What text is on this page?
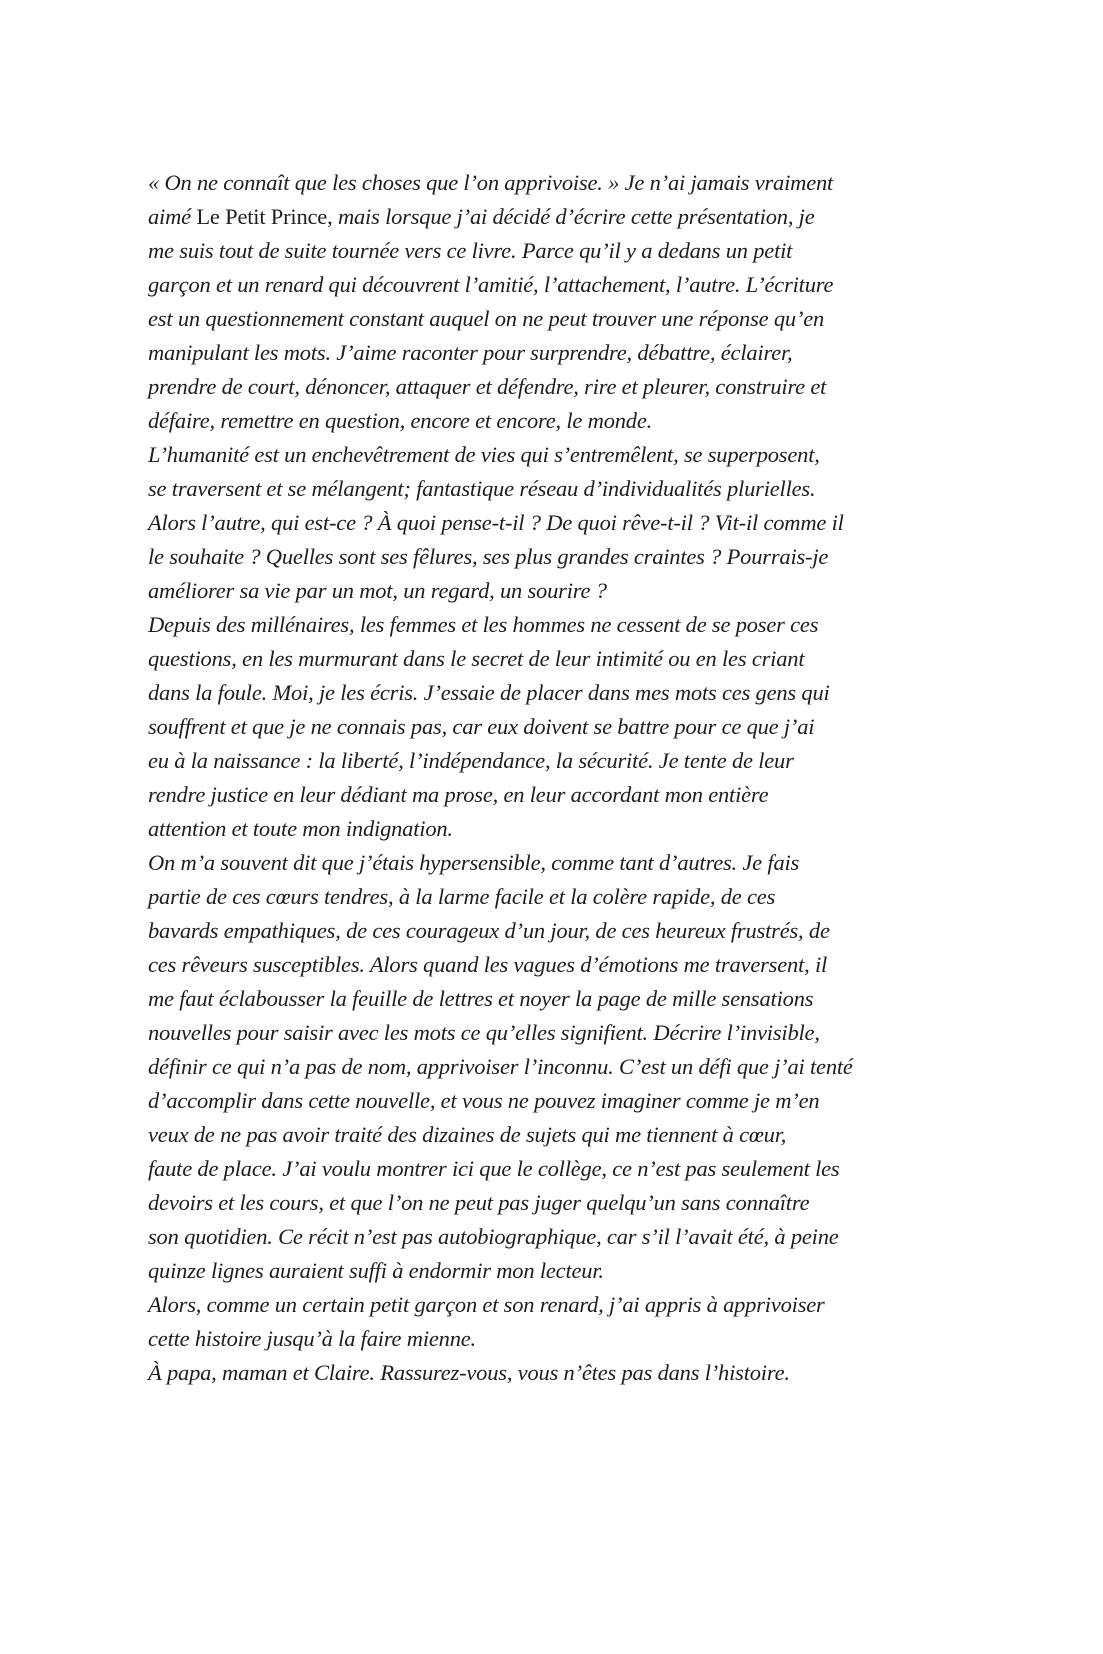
« On ne connaît que les choses que l’on apprivoise. » Je n’ai jamais vraiment
aimé Le Petit Prince, mais lorsque j’ai décidé d’écrire cette présentation, je
me suis tout de suite tournée vers ce livre. Parce qu’il y a dedans un petit
garçon et un renard qui découvrent l’amitié, l’attachement, l’autre. L’écriture
est un questionnement constant auquel on ne peut trouver une réponse qu’en
manipulant les mots. J’aime raconter pour surprendre, débattre, éclairer,
prendre de court, dénoncer, attaquer et défendre, rire et pleurer, construire et
défaire, remettre en question, encore et encore, le monde.
L’humanité est un enchevêtrement de vies qui s’entremêlent, se superposent,
se traversent et se mélangent; fantastique réseau d’individualités plurielles.
Alors l’autre, qui est-ce ? À quoi pense-t-il ? De quoi rêve-t-il ? Vit-il comme il
le souhaite ? Quelles sont ses fêlures, ses plus grandes craintes ? Pourrais-je
améliorer sa vie par un mot, un regard, un sourire ?
Depuis des millénaires, les femmes et les hommes ne cessent de se poser ces
questions, en les murmurant dans le secret de leur intimité ou en les criant
dans la foule. Moi, je les écris. J’essaie de placer dans mes mots ces gens qui
souffrent et que je ne connais pas, car eux doivent se battre pour ce que j’ai
eu à la naissance : la liberté, l’indépendance, la sécurité. Je tente de leur
rendre justice en leur dédiant ma prose, en leur accordant mon entière
attention et toute mon indignation.
On m’a souvent dit que j’étais hypersensible, comme tant d’autres. Je fais
partie de ces cœurs tendres, à la larme facile et la colère rapide, de ces
bavards empathiques, de ces courageux d’un jour, de ces heureux frustrés, de
ces rêveurs susceptibles. Alors quand les vagues d’émotions me traversent, il
me faut éclabousser la feuille de lettres et noyer la page de mille sensations
nouvelles pour saisir avec les mots ce qu’elles signifient. Décrire l’invisible,
définir ce qui n’a pas de nom, apprivoiser l’inconnu. C’est un défi que j’ai tenté
d’accomplir dans cette nouvelle, et vous ne pouvez imaginer comme je m’en
veux de ne pas avoir traité des dizaines de sujets qui me tiennent à cœur,
faute de place. J’ai voulu montrer ici que le collège, ce n’est pas seulement les
devoirs et les cours, et que l’on ne peut pas juger quelqu’un sans connaître
son quotidien. Ce récit n’est pas autobiographique, car s’il l’avait été, à peine
quinze lignes auraient suffi à endormir mon lecteur.
Alors, comme un certain petit garçon et son renard, j’ai appris à apprivoiser
cette histoire jusqu’à la faire mienne.
À papa, maman et Claire. Rassurez-vous, vous n’êtes pas dans l’histoire.
